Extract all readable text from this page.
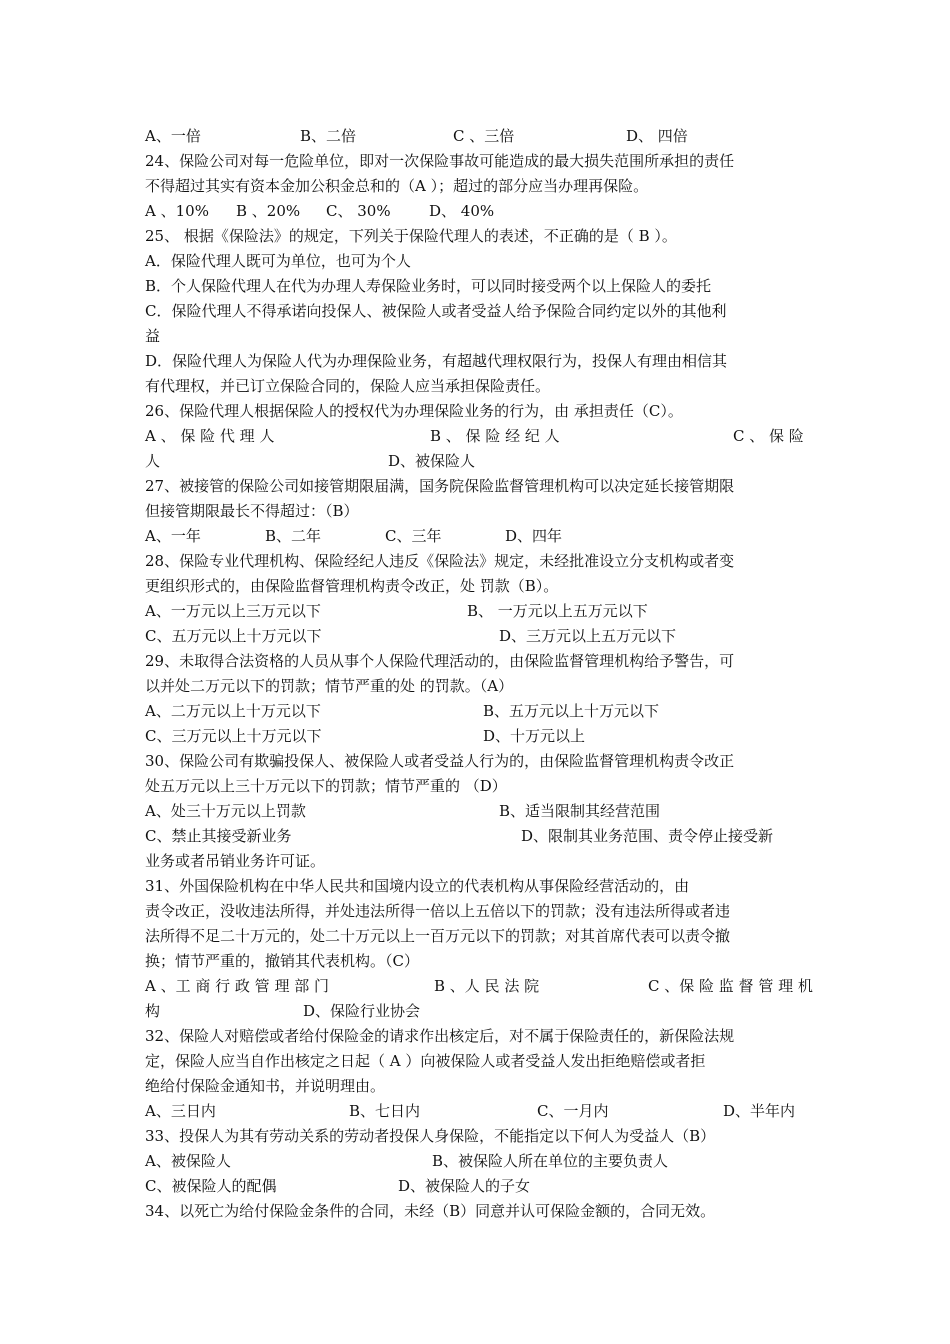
A、一倍	B、二倍	C 、三倍	D、 四倍
24、保险公司对每一危险单位，即对一次保险事故可能造成的最大损失范围所承担的责任
不得超过其实有资本金加公积金总和的（A ）；超过的部分应当办理再保险。
A 、10% B 、20% C、 30%	D、 40%
25、 根据《保险法》的规定，下列关于保险代理人的表述，不正确的是（ B ）。
A．保险代理人既可为单位，也可为个人
B．个人保险代理人在代为办理人寿保险业务时，可以同时接受两个以上保险人的委托
C．保险代理人不得承诺向投保人、被保险人或者受益人给予保险合同约定以外的其他利
益
D．保险代理人为保险人代为办理保险业务，有超越代理权限行为，投保人有理由相信其
有代理权，并已订立保险合同的，保险人应当承担保险责任。
26、保险代理人根据保险人的授权代为办理保险业务的行为，由 承担责任（C）。
A 、 保 险 代 理 人	B 、 保 险 经 纪 人	C 、 保 险
人	D、被保险人
27、被接管的保险公司如接管期限届满，国务院保险监督管理机构可以决定延长接管期限
但接管期限最长不得超过：（B）
A、一年	B、二年	C、三年	D、四年
28、保险专业代理机构、保险经纪人违反《保险法》规定，未经批准设立分支机构或者变
更组织形式的，由保险监督管理机构责令改正，处 罚款（B）。
A、一万元以上三万元以下	B、 一万元以上五万元以下
C、五万元以上十万元以下	D、三万元以上五万元以下
29、未取得合法资格的人员从事个人保险代理活动的，由保险监督管理机构给予警告，可
以并处二万元以下的罚款；情节严重的处 的罚款。（A）
A、二万元以上十万元以下	B、五万元以上十万元以下
C、三万元以上十万元以下	D、十万元以上
30、保险公司有欺骗投保人、被保险人或者受益人行为的，由保险监督管理机构责令改正
处五万元以上三十万元以下的罚款；情节严重的 （D）
A、处三十万元以上罚款	B、适当限制其经营范围
C、禁止其接受新业务	D、限制其业务范围、责令停止接受新
业务或者吊销业务许可证。
31、外国保险机构在中华人民共和国境内设立的代表机构从事保险经营活动的，由
责令改正，没收违法所得，并处违法所得一倍以上五倍以下的罚款；没有违法所得或者违
法所得不足二十万元的，处二十万元以上一百万元以下的罚款；对其首席代表可以责令撤
换；情节严重的，撤销其代表机构。（C）
A 、工 商 行 政 管 理 部 门	B 、人 民 法 院	C 、保 险 监 督 管 理 机
构	D、保险行业协会
32、保险人对赔偿或者给付保险金的请求作出核定后，对不属于保险责任的，新保险法规
定，保险人应当自作出核定之日起（ A ）向被保险人或者受益人发出拒绝赔偿或者拒
绝给付保险金通知书，并说明理由。
A、三日内	B、七日内	C、一月内	D、半年内
33、投保人为其有劳动关系的劳动者投保人身保险，不能指定以下何人为受益人（B）
A、被保险人	B、被保险人所在单位的主要负责人
C、被保险人的配偶	D、被保险人的子女
34、以死亡为给付保险金条件的合同，未经（B）同意并认可保险金额的，合同无效。
